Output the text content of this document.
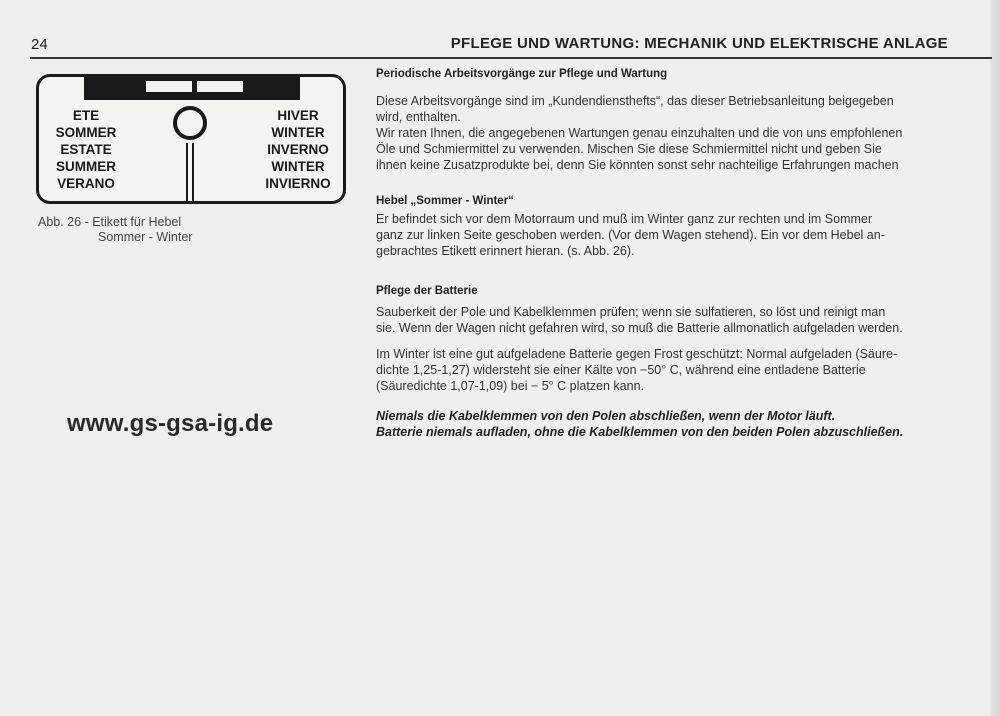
24	PFLEGE UND WARTUNG: MECHANIK UND ELEKTRISCHE ANLAGE
ETE
SOMMER
ESTATE
SUMMER
VERANO
HIVER
WINTER
INVERNO
WINTER
INVIERNO
Abb. 26 - Etikett für Hebel
Sommer - Winter
www.gs-gsa-ig.de

Periodische Arbeitsvorgänge zur Pflege und Wartung

Diese Arbeitsvorgänge sind im „Kundendiensthefts“, das dieser Betriebsanleitung beigegeben

wird, enthalten.

Wir raten Ihnen, die angegebenen Wartungen genau einzuhalten und die von uns empfohlenen

Öle und Schmiermittel zu verwenden. Mischen Sie diese Schmiermittel nicht und geben Sie

ihnen keine Zusatzprodukte bei, denn Sie könnten sonst sehr nachteilige Erfahrungen machen

Hebel „Sommer - Winter“

Er befindet sich vor dem Motorraum und muß im Winter ganz zur rechten und im Sommer

ganz zur linken Seite geschoben werden. (Vor dem Wagen stehend). Ein vor dem Hebel an-

gebrachtes Etikett erinnert hieran. (s. Abb. 26).

Pflege der Batterie

Sauberkeit der Pole und Kabelklemmen prüfen; wenn sie sulfatieren, so löst und reinigt man

sie. Wenn der Wagen nicht gefahren wird, so muß die Batterie allmonatlich aufgeladen werden.

Im Winter ist eine gut aufgeladene Batterie gegen Frost geschützt: Normal aufgeladen (Säure-

dichte 1,25-1,27) widersteht sie einer Kälte von −50° C, während eine entladene Batterie

(Säuredichte 1,07-1,09) bei − 5° C platzen kann.

Niemals die Kabelklemmen von den Polen abschließen, wenn der Motor läuft.

Batterie niemals aufladen, ohne die Kabelklemmen von den beiden Polen abzuschließen.
